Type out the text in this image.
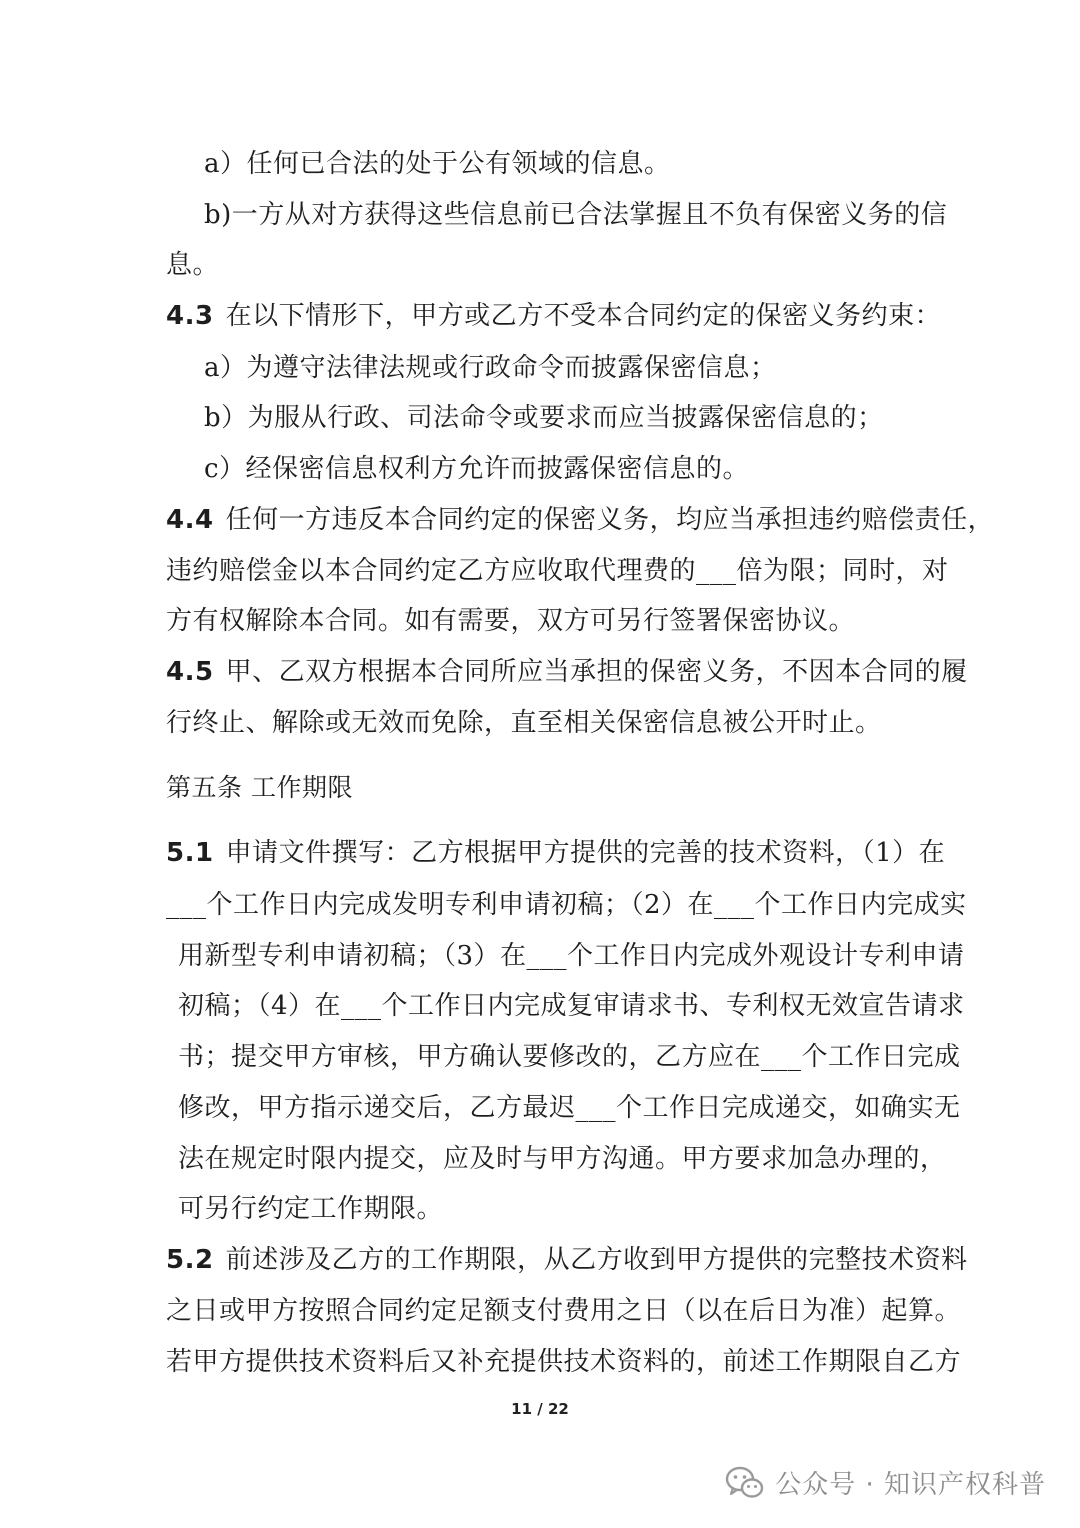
a）任何已合法的处于公有领域的信息。
b)一方从对方获得这些信息前已合法掌握且不负有保密义务的信
息。
4.3 在以下情形下，甲方或乙方不受本合同约定的保密义务约束：
a）为遵守法律法规或行政命令而披露保密信息；
b）为服从行政、司法命令或要求而应当披露保密信息的；
c）经保密信息权利方允许而披露保密信息的。
4.4 任何一方违反本合同约定的保密义务，均应当承担违约赔偿责任，
违约赔偿金以本合同约定乙方应收取代理费的___倍为限；同时，对
方有权解除本合同。如有需要，双方可另行签署保密协议。
4.5 甲、乙双方根据本合同所应当承担的保密义务，不因本合同的履
行终止、解除或无效而免除，直至相关保密信息被公开时止。
第五条 工作期限
5.1 申请文件撰写：乙方根据甲方提供的完善的技术资料，（1）在
___个工作日内完成发明专利申请初稿；（2）在___个工作日内完成实
用新型专利申请初稿；（3）在___个工作日内完成外观设计专利申请
初稿；（4）在___个工作日内完成复审请求书、专利权无效宣告请求
书；提交甲方审核，甲方确认要修改的，乙方应在___个工作日完成
修改，甲方指示递交后，乙方最迟___个工作日完成递交，如确实无
法在规定时限内提交，应及时与甲方沟通。甲方要求加急办理的，
可另行约定工作期限。
5.2 前述涉及乙方的工作期限，从乙方收到甲方提供的完整技术资料
之日或甲方按照合同约定足额支付费用之日（以在后日为准）起算。
若甲方提供技术资料后又补充提供技术资料的，前述工作期限自乙方
11 / 22
公众号 · 知识产权科普
